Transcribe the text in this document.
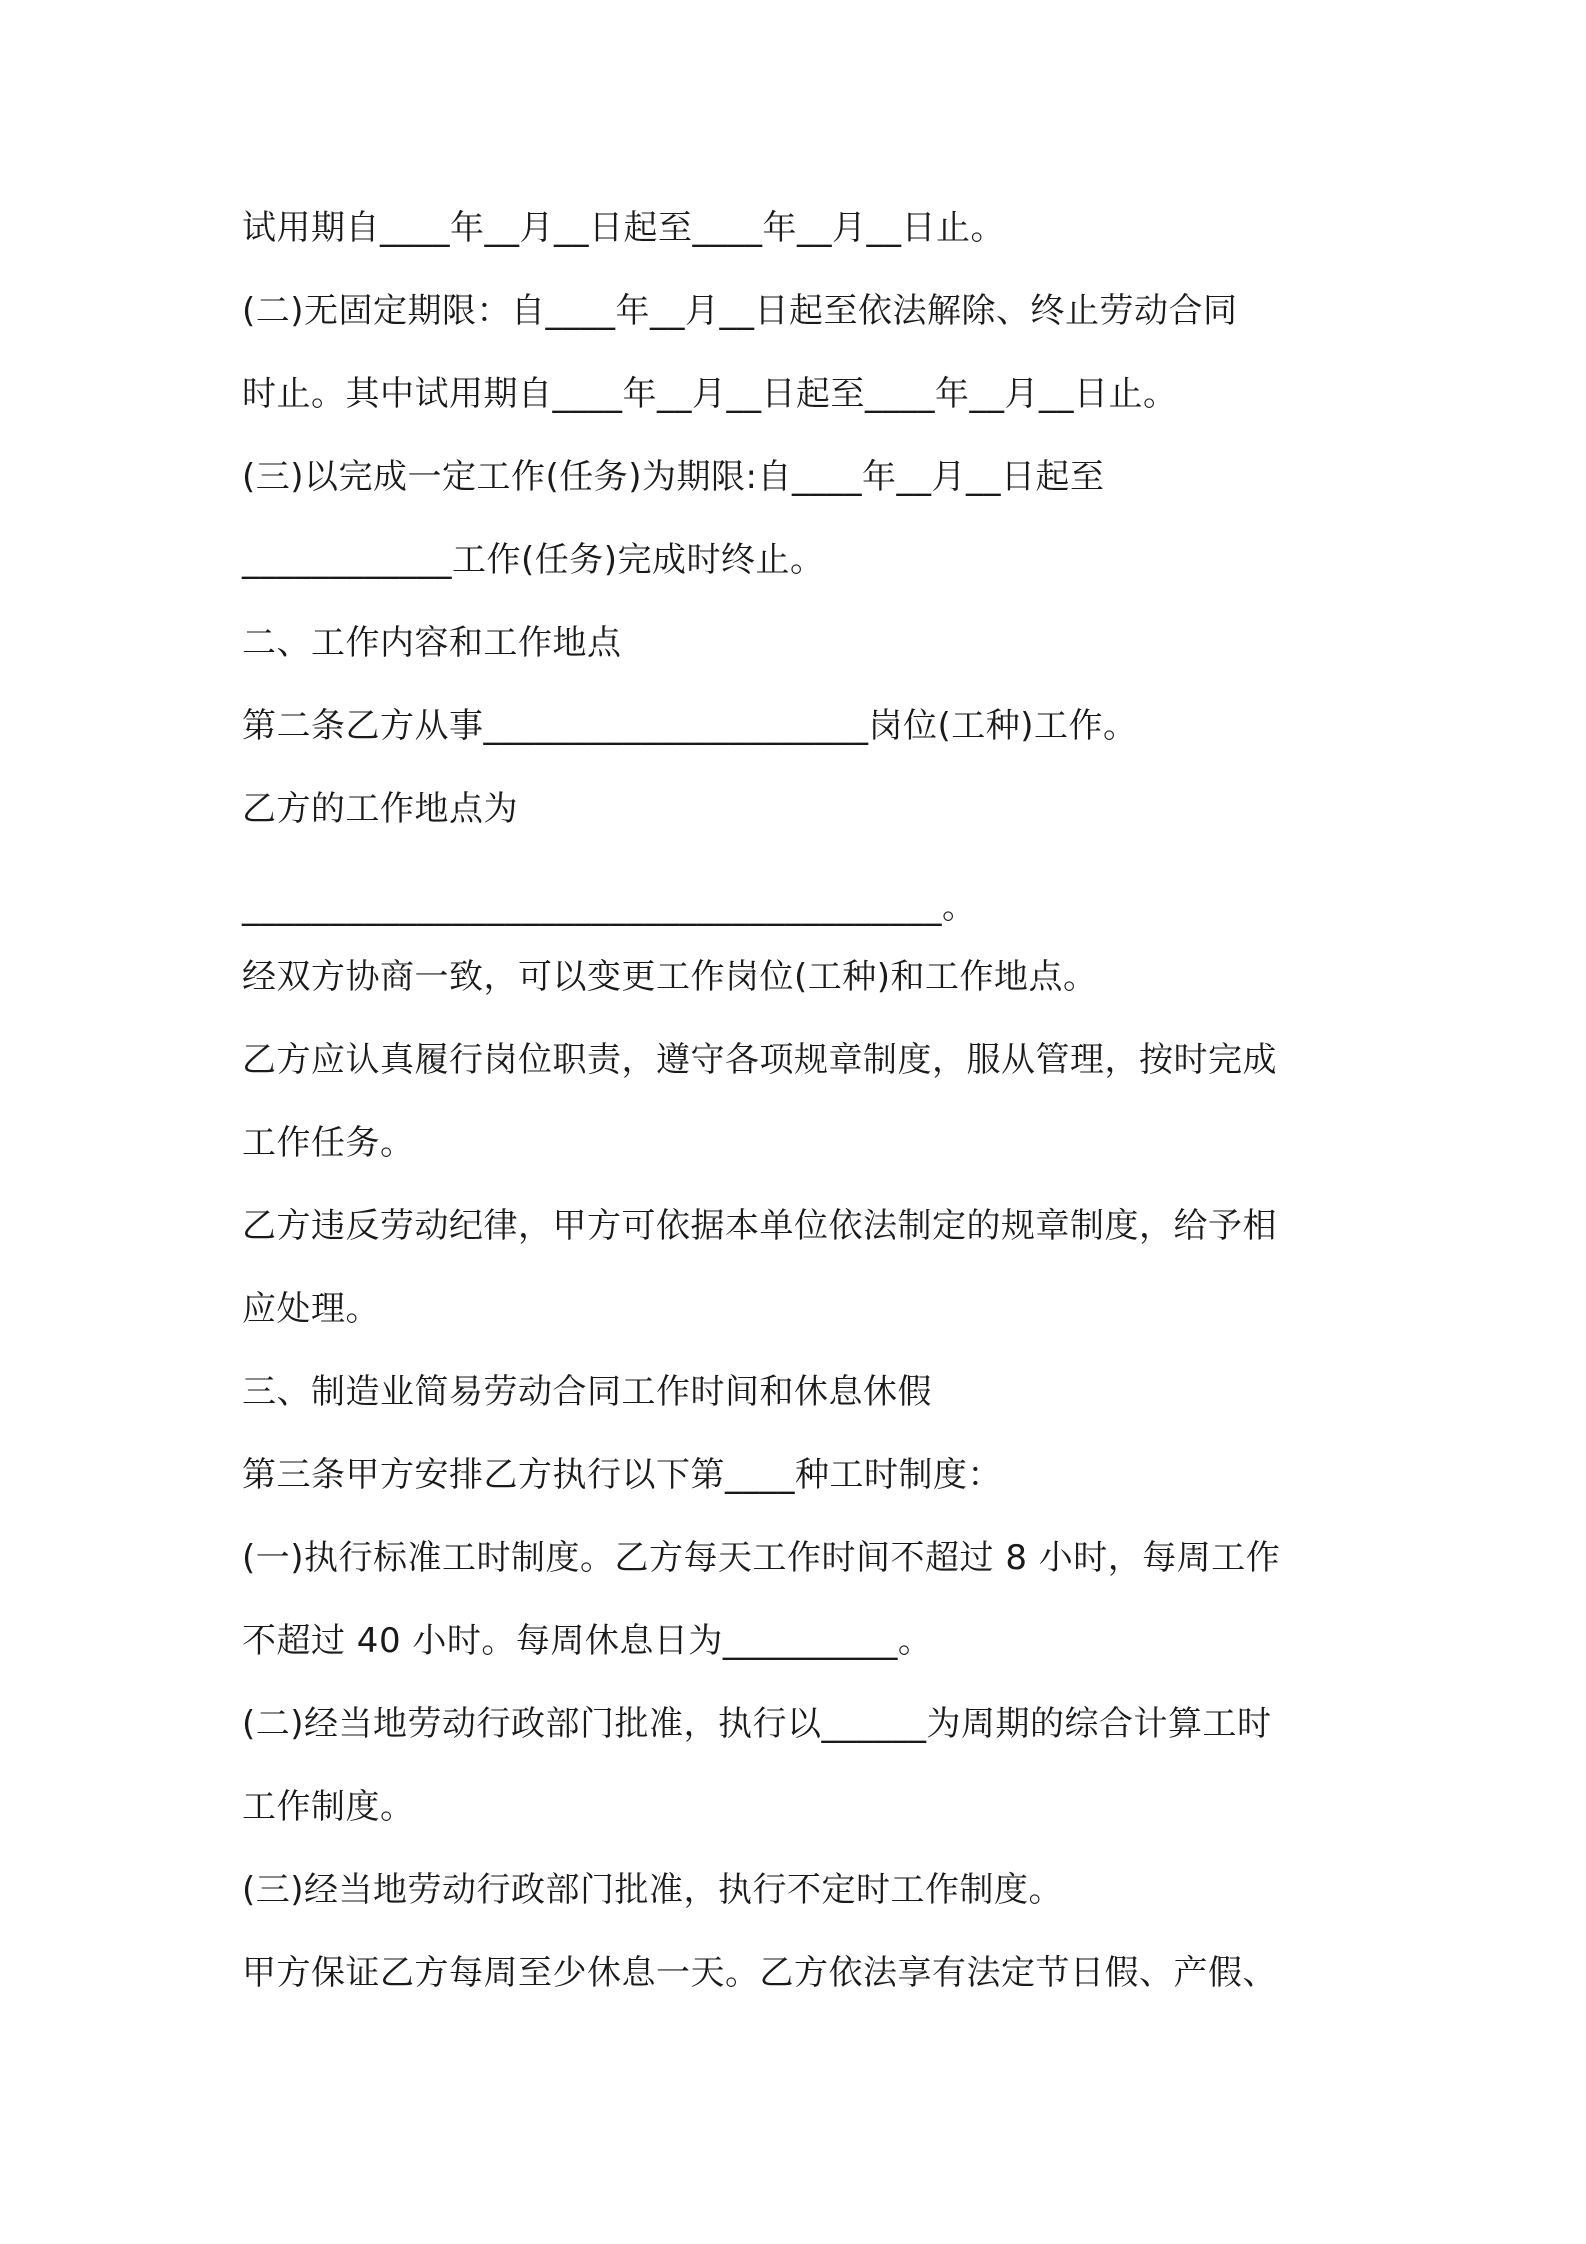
试用期自____年__月__日起至____年__月__日止。
(二)无固定期限：自____年__月__日起至依法解除、终止劳动合同
时止。其中试用期自____年__月__日起至____年__月__日止。
(三)以完成一定工作(任务)为期限:自____年__月__日起至
____________工作(任务)完成时终止。
二、工作内容和工作地点
第二条乙方从事______________________岗位(工种)工作。
乙方的工作地点为
________________________________________。
经双方协商一致，可以变更工作岗位(工种)和工作地点。
乙方应认真履行岗位职责，遵守各项规章制度，服从管理，按时完成
工作任务。
乙方违反劳动纪律，甲方可依据本单位依法制定的规章制度，给予相
应处理。
三、制造业简易劳动合同工作时间和休息休假
第三条甲方安排乙方执行以下第____种工时制度：
(一)执行标准工时制度。乙方每天工作时间不超过 8 小时，每周工作
不超过 40 小时。每周休息日为__________。
(二)经当地劳动行政部门批准，执行以______为周期的综合计算工时
工作制度。
(三)经当地劳动行政部门批准，执行不定时工作制度。
甲方保证乙方每周至少休息一天。乙方依法享有法定节日假、产假、
